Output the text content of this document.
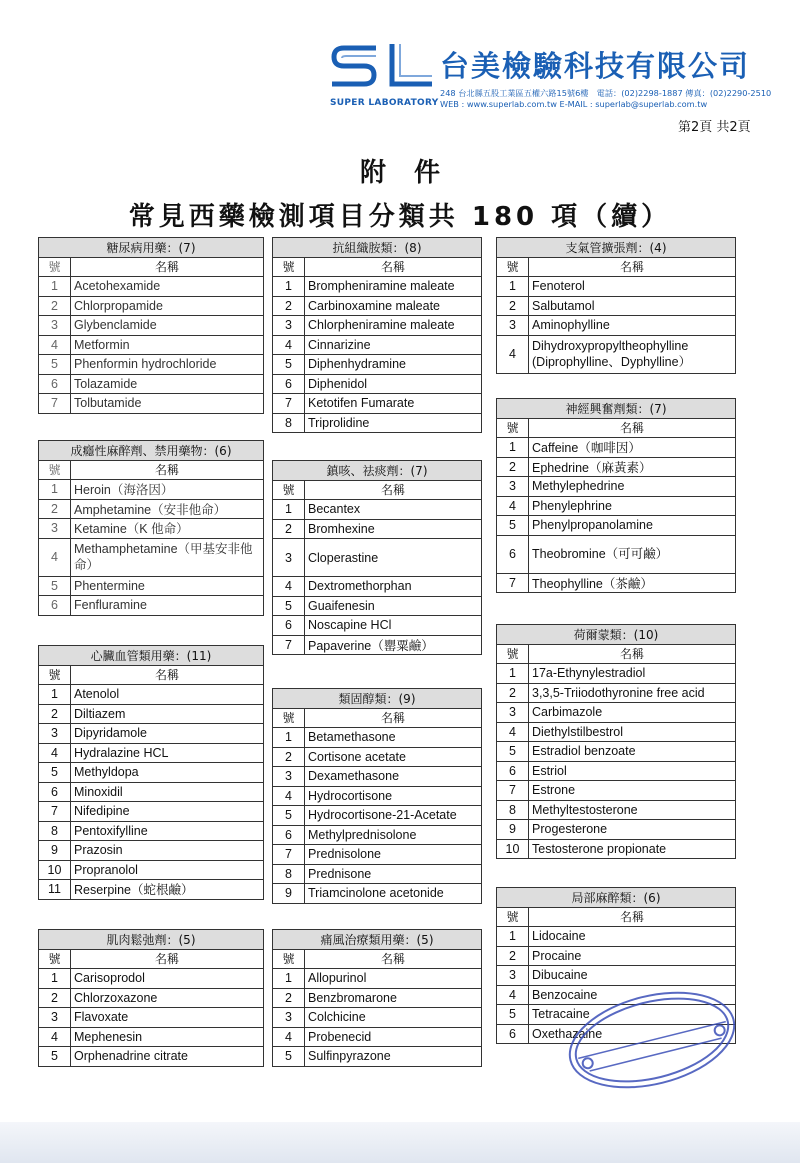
SUPER LABORATORY
台美檢驗科技有限公司
248 台北縣五股工業區五權六路15號6樓　電話：(02)2298-1887 傳真：(02)2290-2510
WEB : www.superlab.com.tw E-MAIL : superlab@superlab.com.tw
第2頁 共2頁
附件
常見西藥檢測項目分類共 180 項（續）
糖尿病用藥：(7)	
號	名稱
1	Acetohexamide
2	Chlorpropamide
3	Glybenclamide
4	Metformin
5	Phenformin hydrochloride
6	Tolazamide
7	Tolbutamide
成癮性麻醉劑、禁用藥物：(6)	
號	名稱
1	Heroin（海洛因）
2	Amphetamine（安非他命）
3	Ketamine（K 他命）
4	Methamphetamine（甲基安非他命）
5	Phentermine
6	Fenfluramine
心臟血管類用藥：(11)	
號	名稱
1	Atenolol
2	Diltiazem
3	Dipyridamole
4	Hydralazine HCL
5	Methyldopa
6	Minoxidil
7	Nifedipine
8	Pentoxifylline
9	Prazosin
10	Propranolol
11	Reserpine（蛇根鹼）
肌肉鬆弛劑：(5)	
號	名稱
1	Carisoprodol
2	Chlorzoxazone
3	Flavoxate
4	Mephenesin
5	Orphenadrine citrate
抗組織胺類：(8)	
號	名稱
1	Brompheniramine maleate
2	Carbinoxamine maleate
3	Chlorpheniramine maleate
4	Cinnarizine
5	Diphenhydramine
6	Diphenidol
7	Ketotifen Fumarate
8	Triprolidine
鎮咳、祛痰劑：(7)	
號	名稱
1	Becantex
2	Bromhexine
3	Cloperastine
4	Dextromethorphan
5	Guaifenesin
6	Noscapine HCl
7	Papaverine（罌粟鹼）
類固醇類：(9)	
號	名稱
1	Betamethasone
2	Cortisone acetate
3	Dexamethasone
4	Hydrocortisone
5	Hydrocortisone-21-Acetate
6	Methylprednisolone
7	Prednisolone
8	Prednisone
9	Triamcinolone acetonide
痛風治療類用藥：(5)	
號	名稱
1	Allopurinol
2	Benzbromarone
3	Colchicine
4	Probenecid
5	Sulfinpyrazone
支氣管擴張劑：(4)	
號	名稱
1	Fenoterol
2	Salbutamol
3	Aminophylline
4	Dihydroxypropyltheophylline (Diprophylline、Dyphylline）
神經興奮劑類：(7)	
號	名稱
1	Caffeine（咖啡因）
2	Ephedrine（麻黃素）
3	Methylephedrine
4	Phenylephrine
5	Phenylpropanolamine
6	Theobromine（可可鹼）
7	Theophylline（茶鹼）
荷爾蒙類：(10)	
號	名稱
1	17a-Ethynylestradiol
2	3,3,5-Triiodothyronine free acid
3	Carbimazole
4	Diethylstilbestrol
5	Estradiol benzoate
6	Estriol
7	Estrone
8	Methyltestosterone
9	Progesterone
10	Testosterone propionate
局部麻醉類：(6)	
號	名稱
1	Lidocaine
2	Procaine
3	Dibucaine
4	Benzocaine
5	Tetracaine
6	Oxethazaine
